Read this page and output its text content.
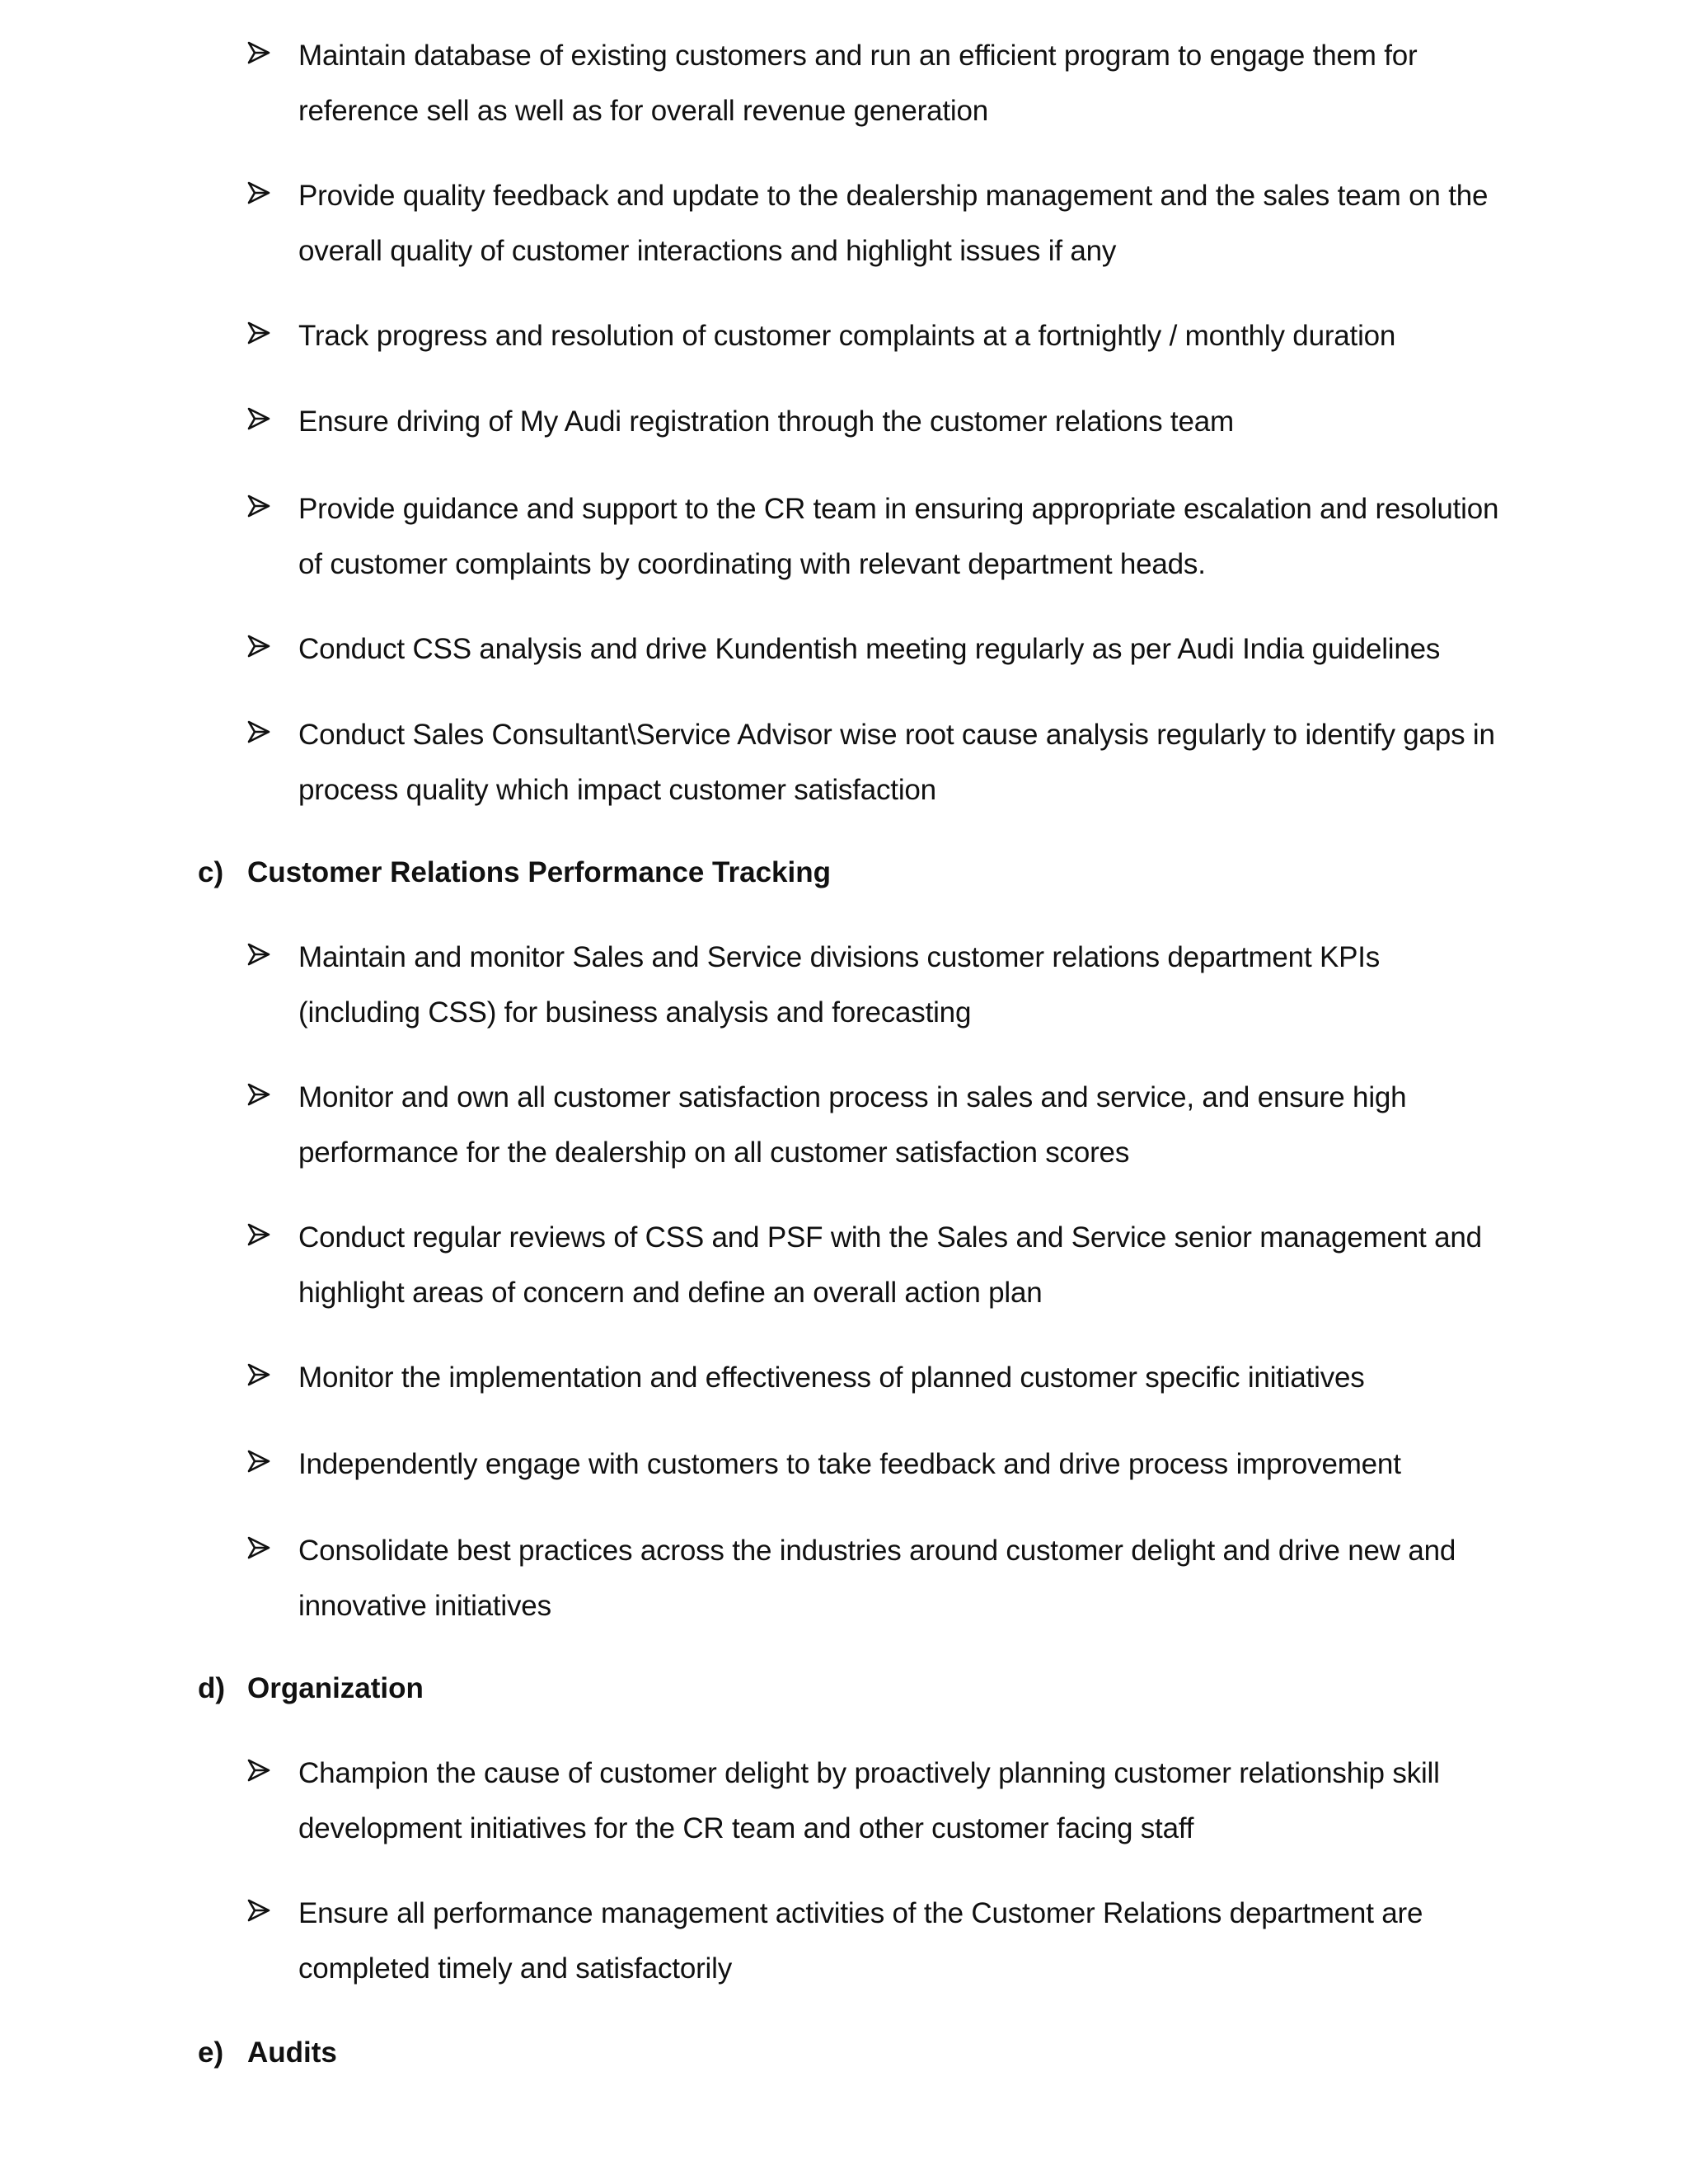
Maintain database of existing customers and run an efficient program to engage them for
reference sell as well as for overall revenue generation
Provide quality feedback and update to the dealership management and the sales team on the
overall quality of customer interactions and highlight issues if any
Track progress and resolution of customer complaints at a fortnightly / monthly duration
Ensure driving of My Audi registration through the customer relations team
Provide guidance and support to the CR team in ensuring appropriate escalation and resolution
of customer complaints by coordinating with relevant department heads.
Conduct CSS analysis and drive Kundentish meeting regularly as per Audi India guidelines
Conduct Sales Consultant\Service Advisor wise root cause analysis regularly to identify gaps in
process quality which impact customer satisfaction
c) Customer Relations Performance Tracking
Maintain and monitor Sales and Service divisions customer relations department KPIs
(including CSS) for business analysis and forecasting
Monitor and own all customer satisfaction process in sales and service, and ensure high
performance for the dealership on all customer satisfaction scores
Conduct regular reviews of CSS and PSF with the Sales and Service senior management and
highlight areas of concern and define an overall action plan
Monitor the implementation and effectiveness of planned customer specific initiatives
Independently engage with customers to take feedback and drive process improvement
Consolidate best practices across the industries around customer delight and drive new and
innovative initiatives
d) Organization
Champion the cause of customer delight by proactively planning customer relationship skill
development initiatives for the CR team and other customer facing staff
Ensure all performance management activities of the Customer Relations department are
completed timely and satisfactorily
e) Audits
